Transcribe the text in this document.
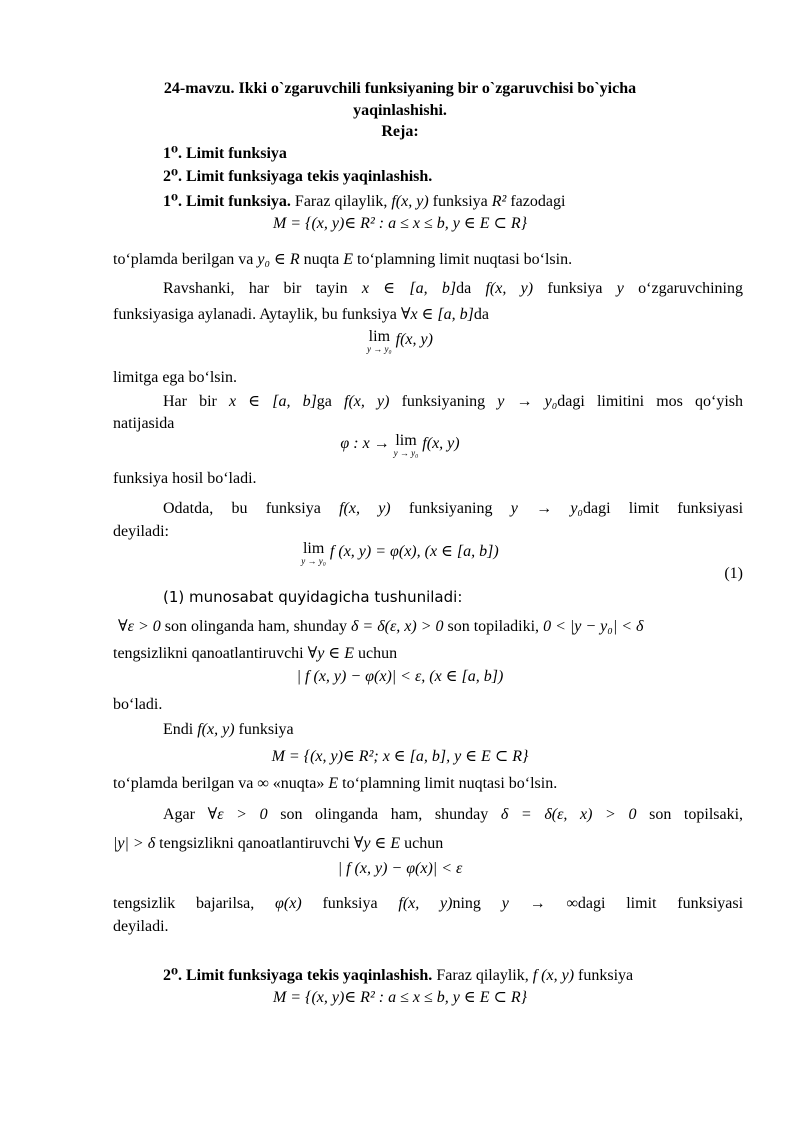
24-mavzu. Ikki o`zgaruvchili funksiyaning bir o`zgaruvchisi bo`yicha
yaqinlashishi.
Reja:
1⁰. Limit funksiya
2⁰. Limit funksiyaga tekis yaqinlashish.
1⁰. Limit funksiya. Faraz qilaylik, f(x, y) funksiya R² fazodagi
M = {(x, y)∈ R² : a ≤ x ≤ b, y ∈ E ⊂ R}
to‘plamda berilgan va y₀ ∈ R nuqta E to‘plamning limit nuqtasi bo‘lsin.
Ravshanki, har bir tayin x ∈ [a, b]da f(x, y) funksiya y o‘zgaruvchining
funksiyasiga aylanadi. Aytaylik, bu funksiya ∀x ∈ [a, b]da
lim
y → y₀
f(x, y)
limitga ega bo‘lsin.
Har bir x ∈ [a, b]ga f(x, y) funksiyaning y → y₀dagi limitini mos qo‘yish
natijasida
φ : x → lim
y → y₀
f(x, y)
funksiya hosil bo‘ladi.
Odatda, bu funksiya f(x, y) funksiyaning y → y₀dagi limit funksiyasi
deyiladi:
lim
y → y₀
f (x, y) = φ(x), (x ∈ [a, b])
(1)
(1) munosabat quyidagicha tushuniladi:
∀ε > 0 son olinganda ham, shunday δ = δ(ε, x) > 0 son topiladiki, 0 < |y − y₀| < δ
tengsizlikni qanoatlantiruvchi ∀y ∈ E uchun
| f (x, y) − φ(x)| < ε, (x ∈ [a, b])
bo‘ladi.
Endi f(x, y) funksiya
M = {(x, y)∈ R²; x ∈ [a, b], y ∈ E ⊂ R}
to‘plamda berilgan va ∞ «nuqta» E to‘plamning limit nuqtasi bo‘lsin.
Agar ∀ε > 0 son olinganda ham, shunday δ = δ(ε, x) > 0 son topilsaki,
|y| > δ tengsizlikni qanoatlantiruvchi ∀y ∈ E uchun
| f (x, y) − φ(x)| < ε
tengsizlik bajarilsa, φ(x) funksiya f(x, y)ning y → ∞dagi limit funksiyasi
deyiladi.
2⁰. Limit funksiyaga tekis yaqinlashish. Faraz qilaylik, f (x, y) funksiya
M = {(x, y)∈ R² : a ≤ x ≤ b, y ∈ E ⊂ R}
